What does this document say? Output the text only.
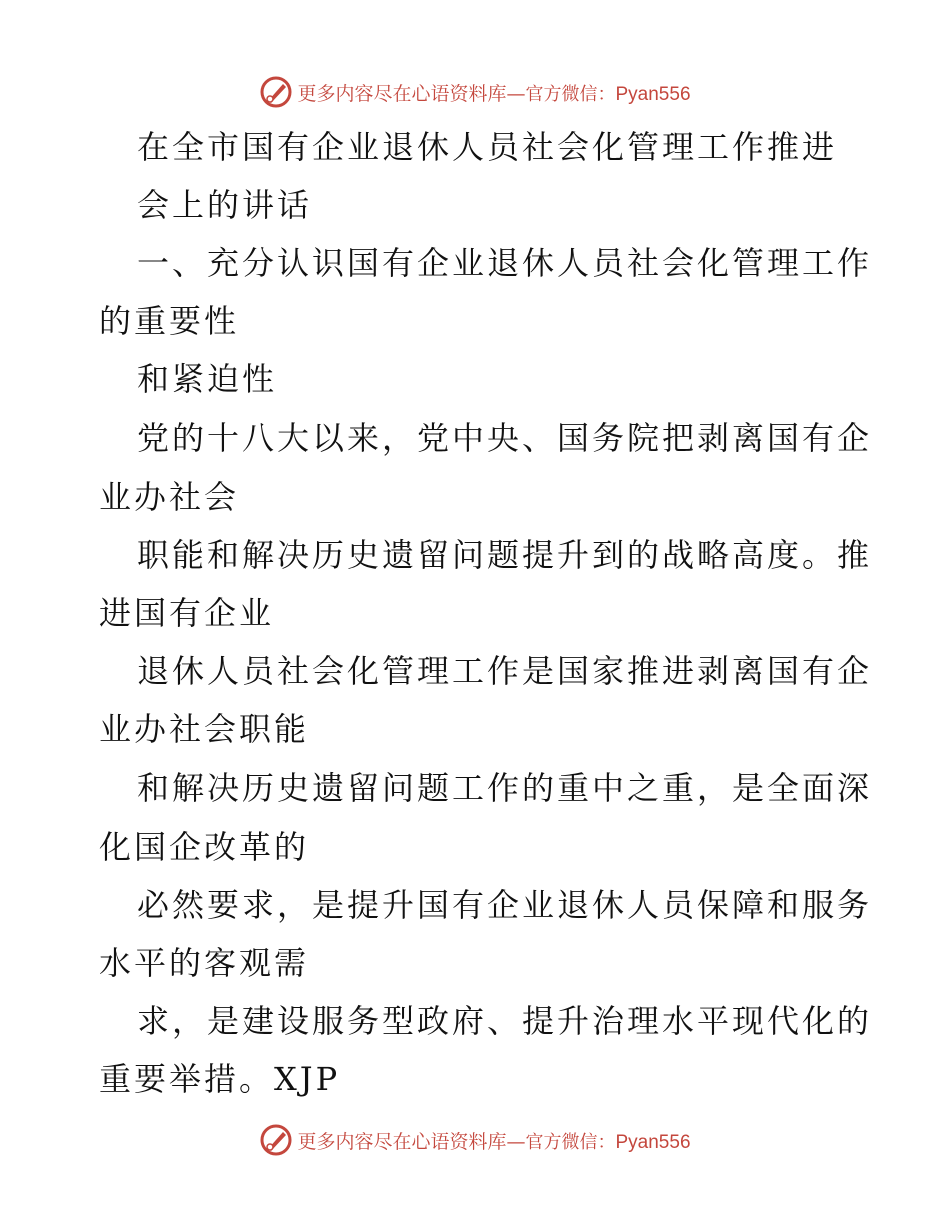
更多内容尽在心语资料库—官方微信：Pyan556
在全市国有企业退休人员社会化管理工作推进
会上的讲话
一、充分认识国有企业退休人员社会化管理工作
的重要性
和紧迫性
党的十八大以来，党中央、国务院把剥离国有企
业办社会
职能和解决历史遗留问题提升到的战略高度。推
进国有企业
退休人员社会化管理工作是国家推进剥离国有企
业办社会职能
和解决历史遗留问题工作的重中之重，是全面深
化国企改革的
必然要求，是提升国有企业退休人员保障和服务
水平的客观需
求，是建设服务型政府、提升治理水平现代化的
重要举措。XJP
更多内容尽在心语资料库—官方微信：Pyan556
